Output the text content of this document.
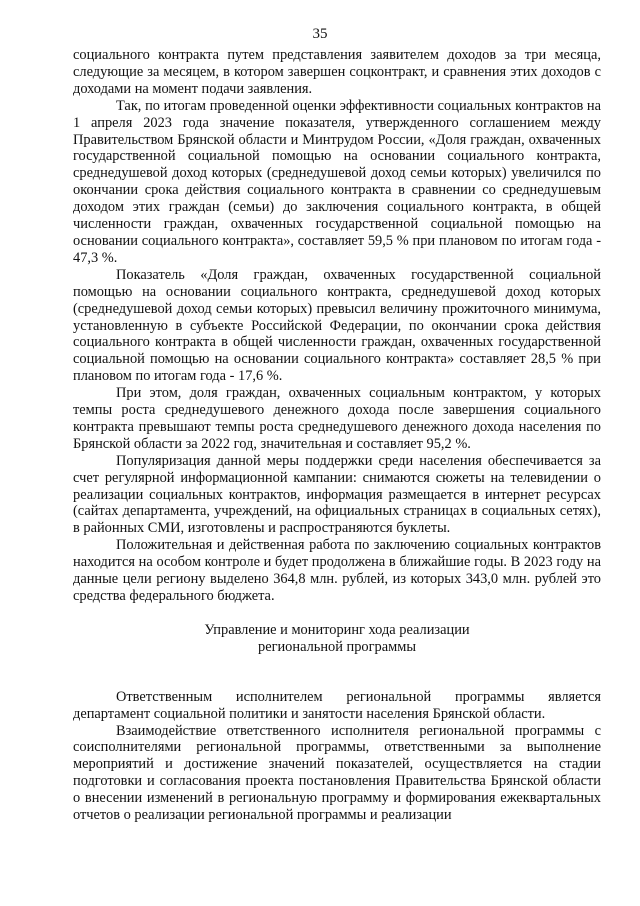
35

социального контракта путем представления заявителем доходов за три месяца, следующие за месяцем, в котором завершен соцконтракт, и сравнения этих доходов с доходами на момент подачи заявления.

Так, по итогам проведенной оценки эффективности социальных контрактов на 1 апреля 2023 года значение показателя, утвержденного соглашением между Правительством Брянской области и Минтрудом России, «Доля граждан, охваченных государственной социальной помощью на основании социального контракта, среднедушевой доход которых (среднедушевой доход семьи которых) увеличился по окончании срока действия социального контракта в сравнении со среднедушевым доходом этих граждан (семьи) до заключения социального контракта, в общей численности граждан, охваченных государственной социальной помощью на основании социального контракта», составляет 59,5 % при плановом по итогам года - 47,3 %.

Показатель «Доля граждан, охваченных государственной социальной помощью на основании социального контракта, среднедушевой доход которых (среднедушевой доход семьи которых) превысил величину прожиточного минимума, установленную в субъекте Российской Федерации, по окончании срока действия социального контракта в общей численности граждан, охваченных государственной социальной помощью на основании социального контракта» составляет 28,5 % при плановом по итогам года - 17,6 %.

При этом, доля граждан, охваченных социальным контрактом, у которых темпы роста среднедушевого денежного дохода после завершения социального контракта превышают темпы роста среднедушевого денежного дохода населения по Брянской области за 2022 год, значительная и составляет 95,2 %.

Популяризация данной меры поддержки среди населения обеспечивается за счет регулярной информационной кампании: снимаются сюжеты на телевидении о реализации социальных контрактов, информация размещается в интернет ресурсах (сайтах департамента, учреждений, на официальных страницах в социальных сетях), в районных СМИ, изготовлены и распространяются буклеты.

Положительная и действенная работа по заключению социальных контрактов находится на особом контроле и будет продолжена в ближайшие годы. В 2023 году на данные цели региону выделено 364,8 млн. рублей, из которых 343,0 млн. рублей это средства федерального бюджета.

Управление и мониторинг хода реализации
региональной программы

Ответственным исполнителем региональной программы является департамент социальной политики и занятости населения Брянской области.

Взаимодействие ответственного исполнителя региональной программы с соисполнителями региональной программы, ответственными за выполнение мероприятий и достижение значений показателей, осуществляется на стадии подготовки и согласования проекта постановления Правительства Брянской области о внесении изменений в региональную программу и формирования ежеквартальных отчетов о реализации региональной программы и реализации
